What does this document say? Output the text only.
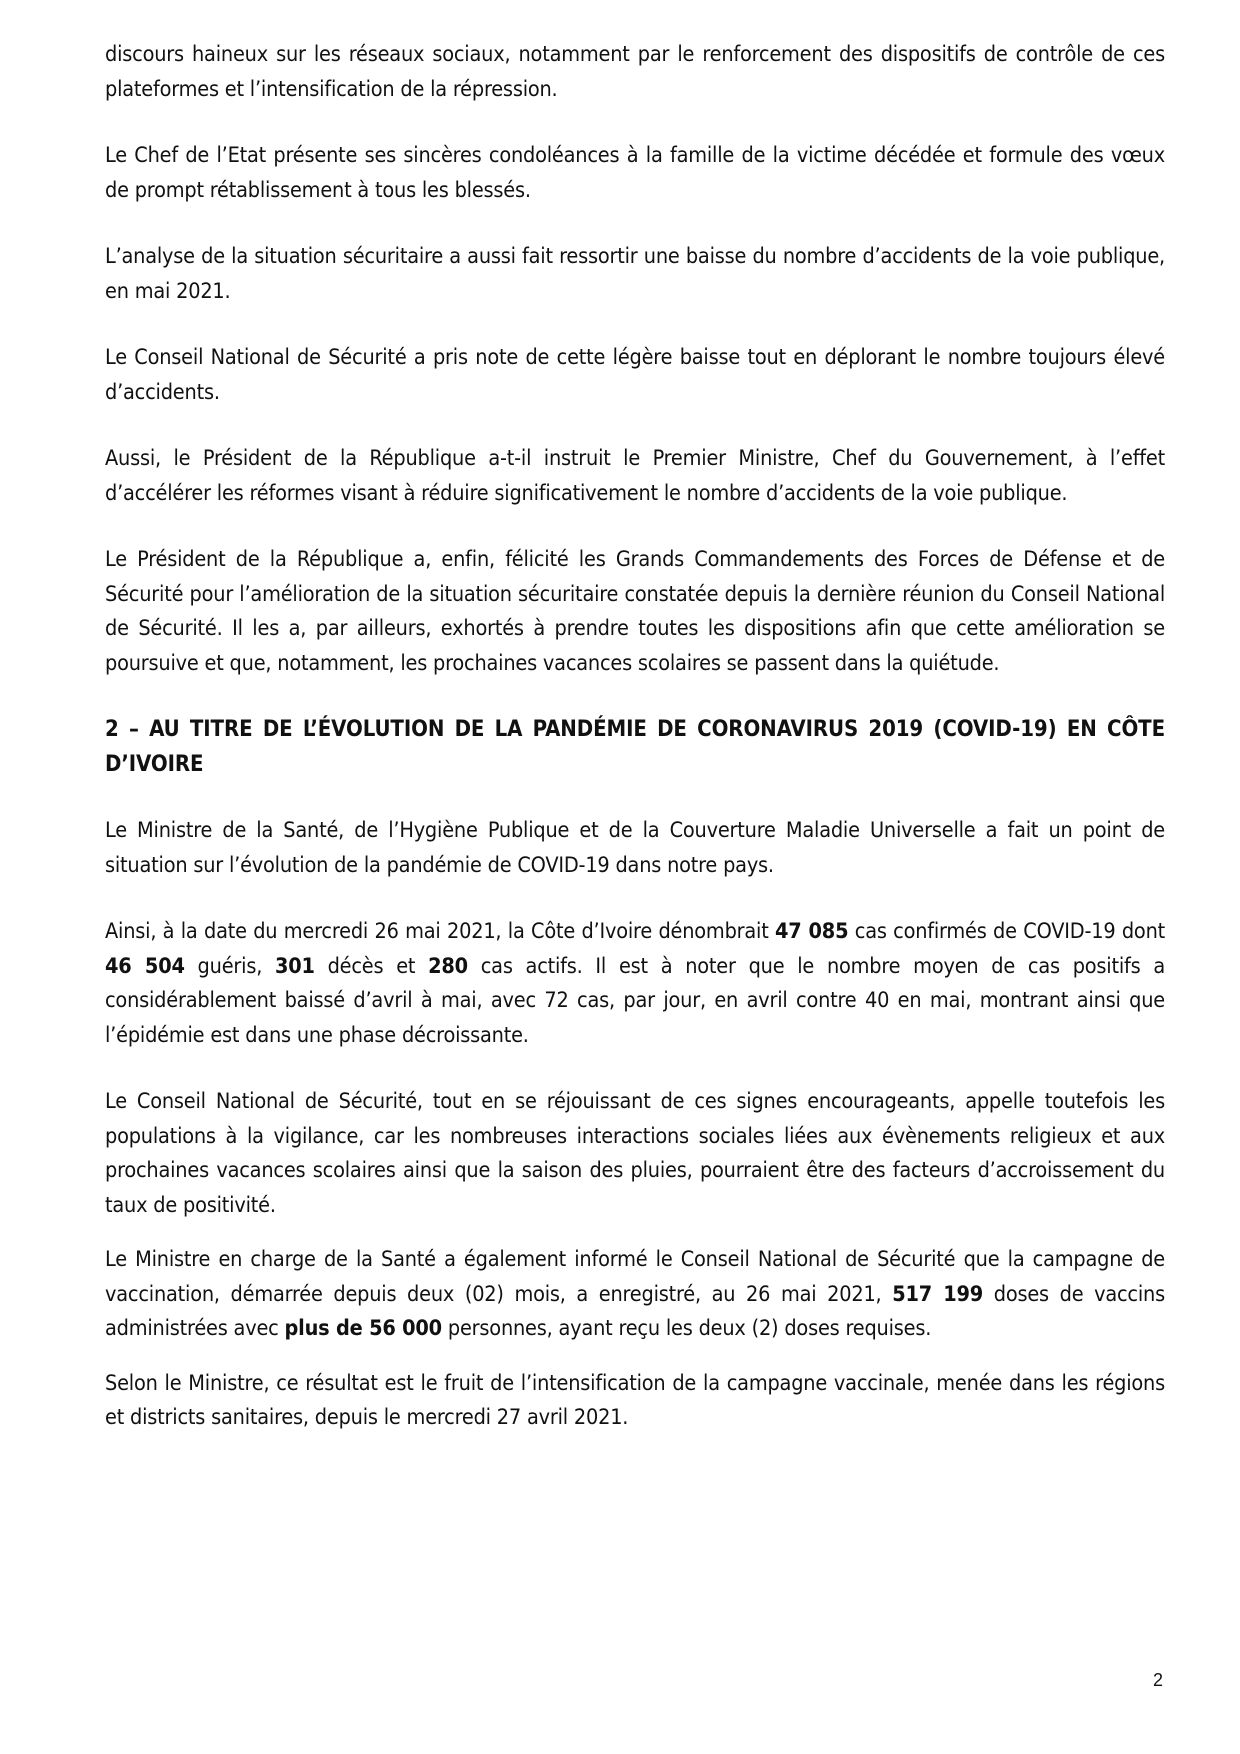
discours haineux sur les réseaux sociaux, notamment par le renforcement des dispositifs de contrôle de ces plateformes et l’intensification de la répression.

Le Chef de l’Etat présente ses sincères condoléances à la famille de la victime décédée et formule des vœux de prompt rétablissement à tous les blessés.

L’analyse de la situation sécuritaire a aussi fait ressortir une baisse du nombre d’accidents de la voie publique, en mai 2021.

Le Conseil National de Sécurité a pris note de cette légère baisse tout en déplorant le nombre toujours élevé d’accidents.

Aussi, le Président de la République a-t-il instruit le Premier Ministre, Chef du Gouvernement, à l’effet d’accélérer les réformes visant à réduire significativement le nombre d’accidents de la voie publique.

Le Président de la République a, enfin, félicité les Grands Commandements des Forces de Défense et de Sécurité pour l’amélioration de la situation sécuritaire constatée depuis la dernière réunion du Conseil National de Sécurité. Il les a, par ailleurs, exhortés à prendre toutes les dispositions afin que cette amélioration se poursuive et que, notamment, les prochaines vacances scolaires se passent dans la quiétude.

2 – AU TITRE DE L’ÉVOLUTION DE LA PANDÉMIE DE CORONAVIRUS 2019 (COVID-19) EN CÔTE D’IVOIRE

Le Ministre de la Santé, de l’Hygiène Publique et de la Couverture Maladie Universelle a fait un point de situation sur l’évolution de la pandémie de COVID-19 dans notre pays.

Ainsi, à la date du mercredi 26 mai 2021, la Côte d’Ivoire dénombrait 47 085 cas confirmés de COVID-19 dont 46 504 guéris, 301 décès et 280 cas actifs. Il est à noter que le nombre moyen de cas positifs a considérablement baissé d’avril à mai, avec 72 cas, par jour, en avril contre 40 en mai, montrant ainsi que l’épidémie est dans une phase décroissante.

Le Conseil National de Sécurité, tout en se réjouissant de ces signes encourageants, appelle toutefois les populations à la vigilance, car les nombreuses interactions sociales liées aux évènements religieux et aux prochaines vacances scolaires ainsi que la saison des pluies, pourraient être des facteurs d’accroissement du taux de positivité.

Le Ministre en charge de la Santé a également informé le Conseil National de Sécurité que la campagne de vaccination, démarrée depuis deux (02) mois, a enregistré, au 26 mai 2021, 517 199 doses de vaccins administrées avec plus de 56 000 personnes, ayant reçu les deux (2) doses requises.

Selon le Ministre, ce résultat est le fruit de l’intensification de la campagne vaccinale, menée dans les régions et districts sanitaires, depuis le mercredi 27 avril 2021.

2
